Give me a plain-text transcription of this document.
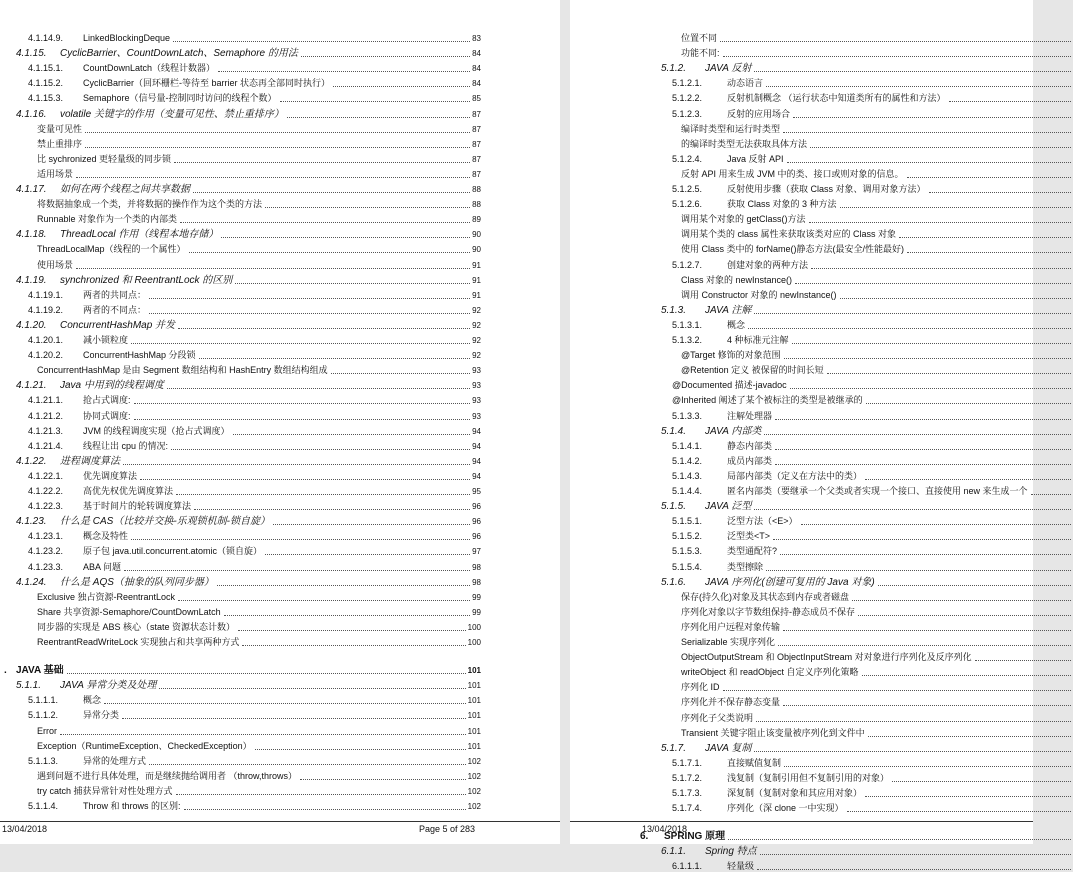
4.1.14.9.	LinkedBlockingDeque	83
4.1.15.	CyclicBarrier、CountDownLatch、Semaphore 的用法	84
4.1.15.1.	CountDownLatch（线程计数器）	84
4.1.15.2.	CyclicBarrier（回环栅栏-等待至 barrier 状态再全部同时执行）	84
4.1.15.3.	Semaphore（信号量-控制同时访问的线程个数）	85
4.1.16.	volatile 关键字的作用（变量可见性、禁止重排序）	87
变量可见性	87
禁止重排序	87
比 sychronized 更轻量级的同步锁	87
适用场景	87
4.1.17.	如何在两个线程之间共享数据	88
将数据抽象成一个类，并将数据的操作作为这个类的方法	88
Runnable 对象作为一个类的内部类	89
4.1.18.	ThreadLocal 作用（线程本地存储）	90
ThreadLocalMap（线程的一个属性）	90
使用场景	91
4.1.19.	synchronized 和 ReentrantLock 的区别	91
4.1.19.1.	两者的共同点：	91
4.1.19.2.	两者的不同点：	92
4.1.20.	ConcurrentHashMap 并发	92
4.1.20.1.	减小锁粒度	92
4.1.20.2.	ConcurrentHashMap 分段锁	92
ConcurrentHashMap 是由 Segment 数组结构和 HashEntry 数组结构组成	93
4.1.21.	Java 中用到的线程调度	93
4.1.21.1.	抢占式调度:	93
4.1.21.2.	协同式调度:	93
4.1.21.3.	JVM 的线程调度实现（抢占式调度）	94
4.1.21.4.	线程让出 cpu 的情况:	94
4.1.22.	进程调度算法	94
4.1.22.1.	优先调度算法	94
4.1.22.2.	高优先权优先调度算法	95
4.1.22.3.	基于时间片的轮转调度算法	96
4.1.23.	什么是 CAS（比较并交换-乐观锁机制-锁自旋）	96
4.1.23.1.	概念及特性	96
4.1.23.2.	原子包 java.util.concurrent.atomic（锁自旋）	97
4.1.23.3.	ABA 问题	98
4.1.24.	什么是 AQS（抽象的队列同步器）	98
Exclusive 独占资源-ReentrantLock	99
Share 共享资源-Semaphore/CountDownLatch	99
同步器的实现是 ABS 核心（state 资源状态计数）	100
ReentrantReadWriteLock 实现独占和共享两种方式	100
. JAVA 基础	101
5.1.1.	JAVA 异常分类及处理	101
5.1.1.1.	概念	101
5.1.1.2.	异常分类	101
Error	101
Exception（RuntimeException、CheckedException）	101
5.1.1.3.	异常的处理方式	102
遇到问题不进行具体处理，而是继续抛给调用者 （throw,throws）	102
try catch 捕获异常针对性处理方式	102
5.1.1.4.	Throw 和 throws 的区别:	102
13/04/2018	Page 5 of 283
位置不同
功能不同:
5.1.2.	JAVA 反射
5.1.2.1.	动态语言
5.1.2.2.	反射机制概念 （运行状态中知道类所有的属性和方法）
5.1.2.3.	反射的应用场合
编译时类型和运行时类型
的编译时类型无法获取具体方法
5.1.2.4.	Java 反射 API
反射 API 用来生成 JVM 中的类、接口或则对象的信息。
5.1.2.5.	反射使用步骤（获取 Class 对象、调用对象方法）
5.1.2.6.	获取 Class 对象的 3 种方法
调用某个对象的 getClass()方法
调用某个类的 class 属性来获取该类对应的 Class 对象
使用 Class 类中的 forName()静态方法(最安全/性能最好)
5.1.2.7.	创建对象的两种方法
Class 对象的 newInstance()
调用 Constructor 对象的 newInstance()
5.1.3.	JAVA 注解
5.1.3.1.	概念
5.1.3.2.	4 种标准元注解
@Target 修饰的对象范围
@Retention 定义 被保留的时间长短
@Documented 描述-javadoc
@Inherited 阐述了某个被标注的类型是被继承的
5.1.3.3.	注解处理器
5.1.4.	JAVA 内部类
5.1.4.1.	静态内部类
5.1.4.2.	成员内部类
5.1.4.3.	局部内部类（定义在方法中的类）
5.1.4.4.	匿名内部类（要继承一个父类或者实现一个接口、直接使用 new 来生成一个
5.1.5.	JAVA 泛型
5.1.5.1.	泛型方法（<E>）
5.1.5.2.	泛型类<T>
5.1.5.3.	类型通配符?
5.1.5.4.	类型擦除
5.1.6.	JAVA 序列化(创建可复用的 Java 对象)
保存(持久化)对象及其状态到内存或者磁盘
序列化对象以字节数组保持-静态成员不保存
序列化用户远程对象传输
Serializable 实现序列化
ObjectOutputStream 和 ObjectInputStream 对对象进行序列化及反序列化
writeObject 和 readObject 自定义序列化策略
序列化 ID
序列化并不保存静态变量
序列化子父类说明
Transient 关键字阻止该变量被序列化到文件中
5.1.7.	JAVA 复制
5.1.7.1.	直接赋值复制
5.1.7.2.	浅复制（复制引用但不复制引用的对象）
5.1.7.3.	深复制（复制对象和其应用对象）
5.1.7.4.	序列化（深 clone 一中实现）
6.	SPRING 原理
6.1.1.	Spring 特点
6.1.1.1.	轻量级
13/04/2018
